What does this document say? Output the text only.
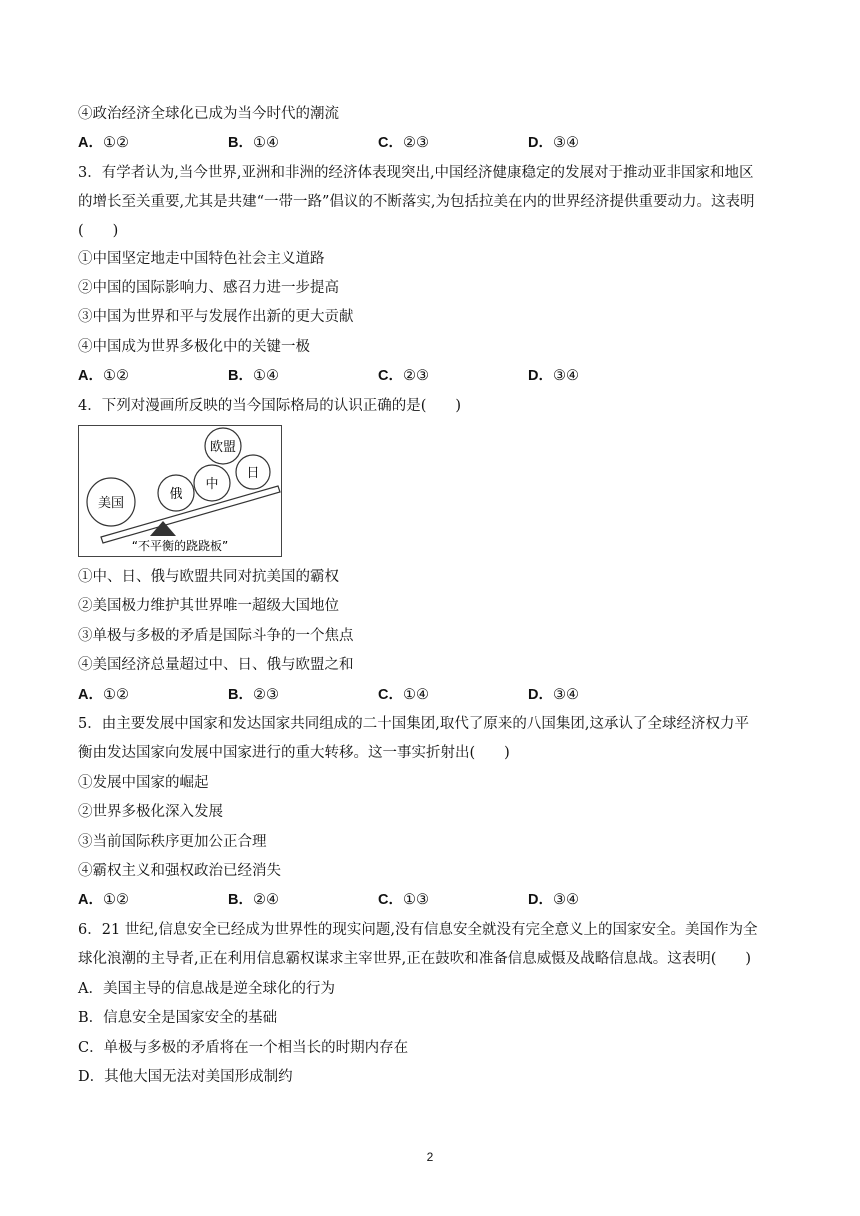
④政治经济全球化已成为当今时代的潮流
A．①②	B．①④	C．②③	D．③④
3．有学者认为,当今世界,亚洲和非洲的经济体表现突出,中国经济健康稳定的发展对于推动亚非国家和地区
的增长至关重要,尤其是共建“一带一路”倡议的不断落实,为包括拉美在内的世界经济提供重要动力。这表明
(　　)
①中国坚定地走中国特色社会主义道路
②中国的国际影响力、感召力进一步提高
③中国为世界和平与发展作出新的更大贡献
④中国成为世界多极化中的关键一极
A．①②	B．①④	C．②③	D．③④
4．下列对漫画所反映的当今国际格局的认识正确的是(　　)
美国
俄
中
欧盟
日
“不平衡的跷跷板”
①中、日、俄与欧盟共同对抗美国的霸权
②美国极力维护其世界唯一超级大国地位
③单极与多极的矛盾是国际斗争的一个焦点
④美国经济总量超过中、日、俄与欧盟之和
A．①②	B．②③	C．①④	D．③④
5．由主要发展中国家和发达国家共同组成的二十国集团,取代了原来的八国集团,这承认了全球经济权力平
衡由发达国家向发展中国家进行的重大转移。这一事实折射出(　　)
①发展中国家的崛起
②世界多极化深入发展
③当前国际秩序更加公正合理
④霸权主义和强权政治已经消失
A．①②	B．②④	C．①③	D．③④
6．21 世纪,信息安全已经成为世界性的现实问题,没有信息安全就没有完全意义上的国家安全。美国作为全
球化浪潮的主导者,正在利用信息霸权谋求主宰世界,正在鼓吹和准备信息威慑及战略信息战。这表明(　　)
A．美国主导的信息战是逆全球化的行为
B．信息安全是国家安全的基础
C．单极与多极的矛盾将在一个相当长的时期内存在
D．其他大国无法对美国形成制约
2
